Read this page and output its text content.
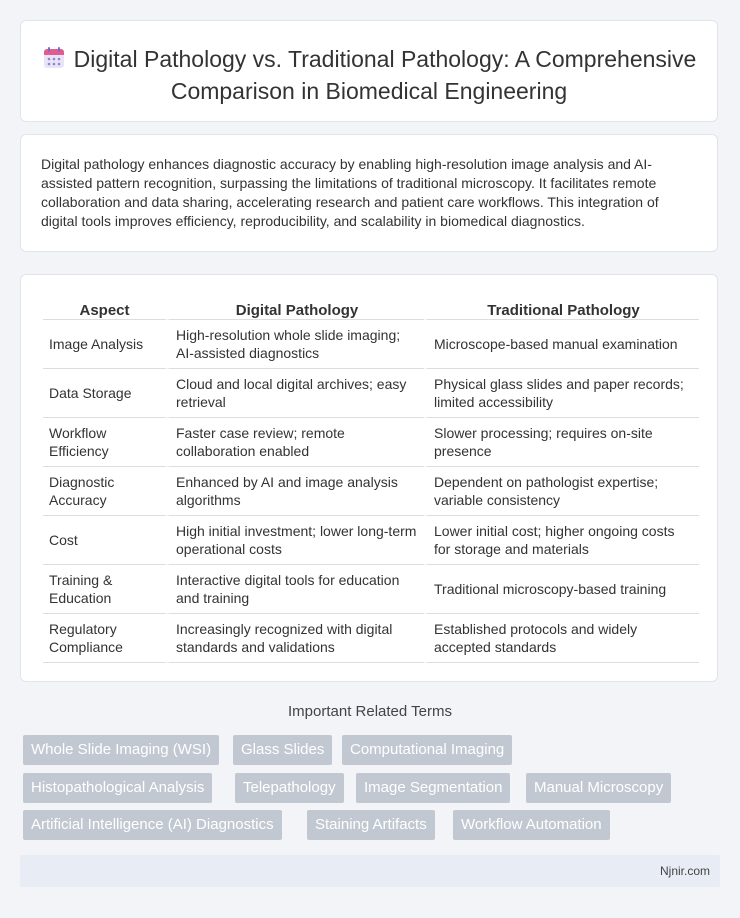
Digital Pathology vs. Traditional Pathology: A Comprehensive Comparison in Biomedical Engineering

Digital pathology enhances diagnostic accuracy by enabling high-resolution image analysis and AI-assisted pattern recognition, surpassing the limitations of traditional microscopy. It facilitates remote collaboration and data sharing, accelerating research and patient care workflows. This integration of digital tools improves efficiency, reproducibility, and scalability in biomedical diagnostics.

Aspect	Digital Pathology	Traditional Pathology
Image Analysis	High-resolution whole slide imaging; AI-assisted diagnostics	Microscope-based manual examination
Data Storage	Cloud and local digital archives; easy retrieval	Physical glass slides and paper records; limited accessibility
Workflow Efficiency	Faster case review; remote collaboration enabled	Slower processing; requires on-site presence
Diagnostic Accuracy	Enhanced by AI and image analysis algorithms	Dependent on pathologist expertise; variable consistency
Cost	High initial investment; lower long-term operational costs	Lower initial cost; higher ongoing costs for storage and materials
Training & Education	Interactive digital tools for education and training	Traditional microscopy-based training
Regulatory Compliance	Increasingly recognized with digital standards and validations	Established protocols and widely accepted standards
Important Related Terms
Whole Slide Imaging (WSI)	Glass Slides	Computational Imaging
Histopathological Analysis	Telepathology	Image Segmentation	Manual Microscopy
Artificial Intelligence (AI) Diagnostics	Staining Artifacts	Workflow Automation
Njnir.com
